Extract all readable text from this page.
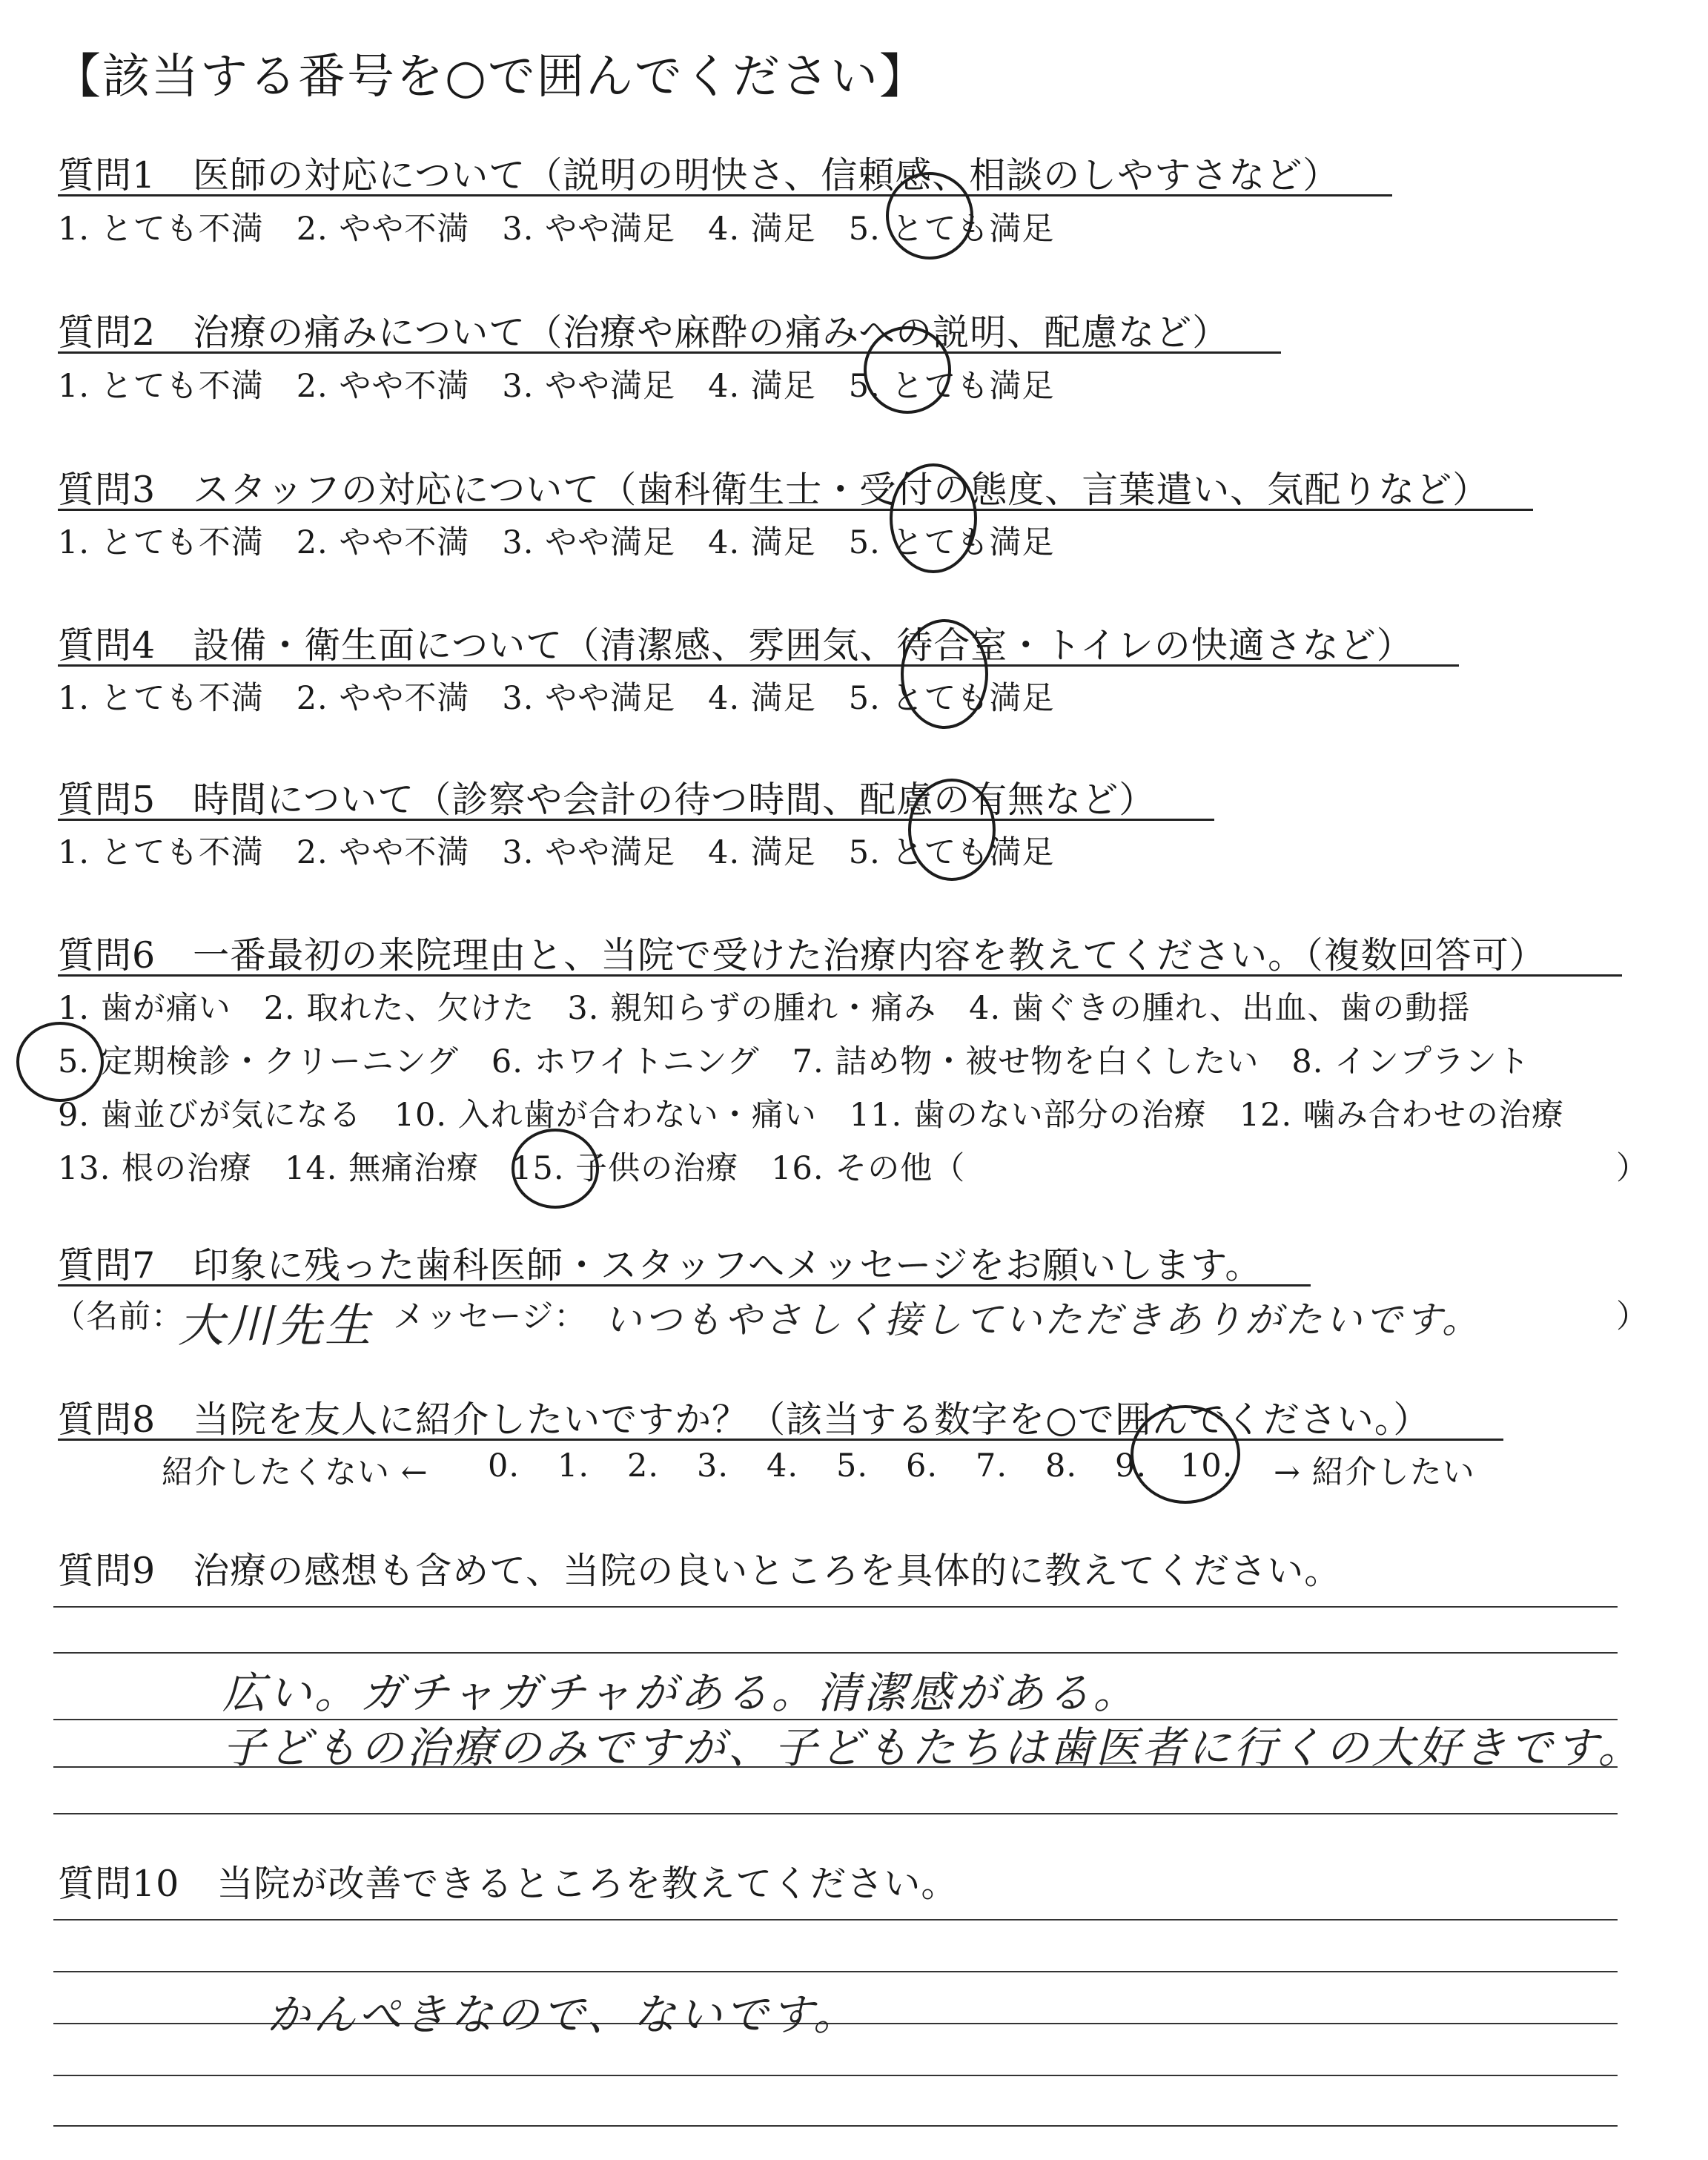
【該当する番号を○で囲んでください】
質問1　医師の対応について（説明の明快さ、信頼感、相談のしやすさなど）
1. とても不満　2. やや不満　3. やや満足　4. 満足　5. とても満足
質問2　治療の痛みについて（治療や麻酔の痛みへの説明、配慮など）
1. とても不満　2. やや不満　3. やや満足　4. 満足　5. とても満足
質問3　スタッフの対応について（歯科衛生士・受付の態度、言葉遣い、気配りなど）
1. とても不満　2. やや不満　3. やや満足　4. 満足　5. とても満足
質問4　設備・衛生面について（清潔感、雰囲気、待合室・トイレの快適さなど）
1. とても不満　2. やや不満　3. やや満足　4. 満足　5. とても満足
質問5　時間について（診察や会計の待つ時間、配慮の有無など）
1. とても不満　2. やや不満　3. やや満足　4. 満足　5. とても満足
質問6　一番最初の来院理由と、当院で受けた治療内容を教えてください。（複数回答可）
1. 歯が痛い　2. 取れた、欠けた　3. 親知らずの腫れ・痛み　4. 歯ぐきの腫れ、出血、歯の動揺
5. 定期検診・クリーニング　6. ホワイトニング　7. 詰め物・被せ物を白くしたい　8. インプラント
9. 歯並びが気になる　10. 入れ歯が合わない・痛い　11. 歯のない部分の治療　12. 噛み合わせの治療
13. 根の治療　14. 無痛治療　15. 子供の治療　16. その他（	）
質問7　印象に残った歯科医師・スタッフへメッセージをお願いします。
（名前：
大川先生 メッセージ： いつもやさしく接していただきありがたいです。	）
質問8　当院を友人に紹介したいですか？（該当する数字を○で囲んでください。）
紹介したくない ← 0. 1. 2. 3. 4. 5. 6. 7. 8. 9. 10. → 紹介したい
質問9　治療の感想も含めて、当院の良いところを具体的に教えてください。
広い。ガチャガチャがある。清潔感がある。
子どもの治療のみですが、子どもたちは歯医者に行くの大好きです。
質問10　当院が改善できるところを教えてください。
かんぺきなので、ないです。
